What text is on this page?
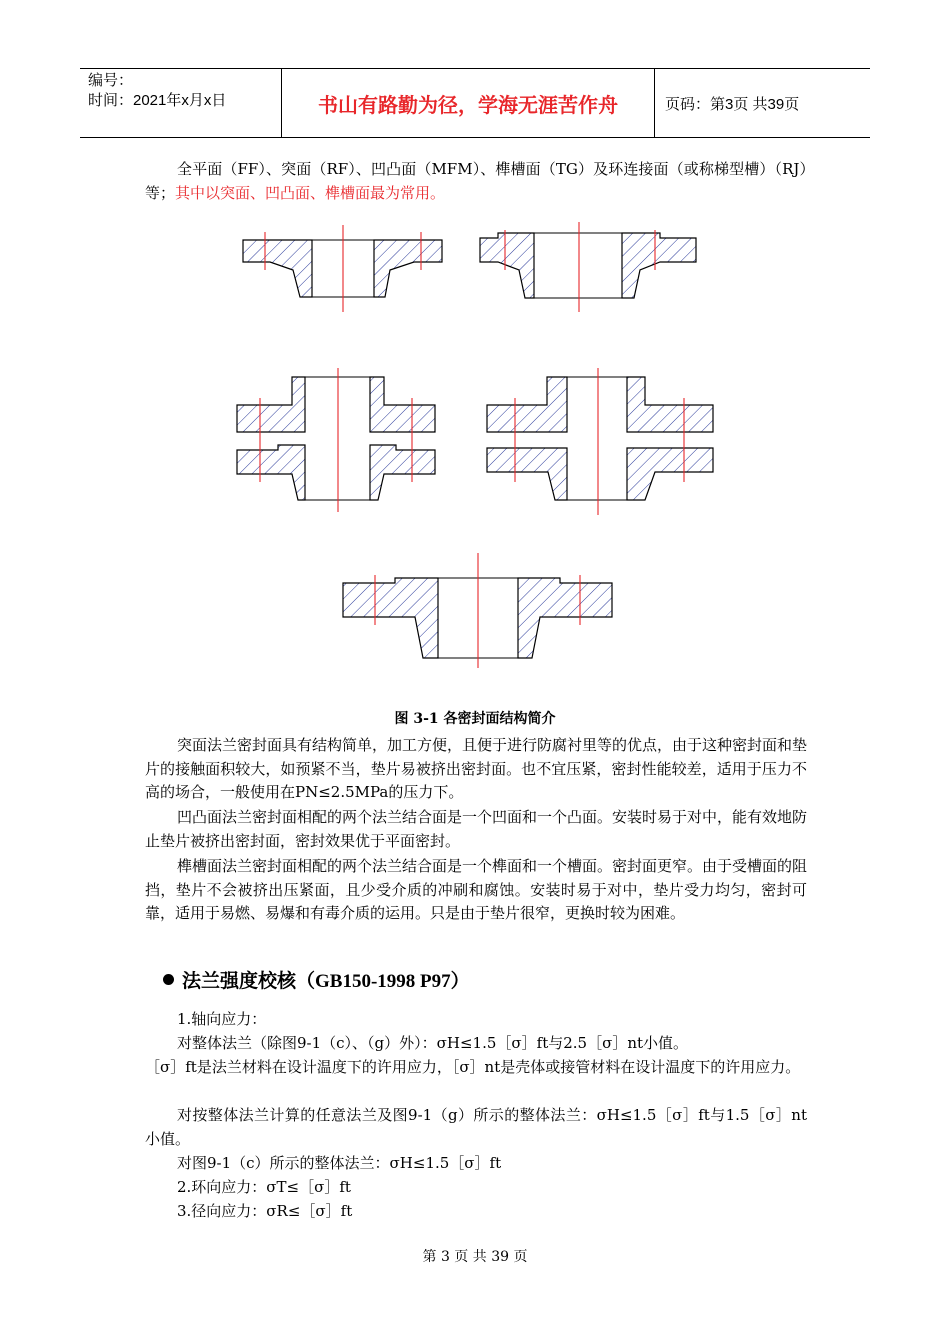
编号：
时间：2021年x月x日	书山有路勤为径，学海无涯苦作舟	页码：第3页 共39页
全平面（FF）、突面（RF）、凹凸面（MFM）、榫槽面（TG）及环连接面（或称梯型槽）（RJ）等；其中以突面、凹凸面、榫槽面最为常用。
图 3-1 各密封面结构简介
突面法兰密封面具有结构简单，加工方便，且便于进行防腐衬里等的优点，由于这种密封面和垫片的接触面积较大，如预紧不当，垫片易被挤出密封面。也不宜压紧，密封性能较差，适用于压力不高的场合，一般使用在PN≤2.5MPa的压力下。
凹凸面法兰密封面相配的两个法兰结合面是一个凹面和一个凸面。安装时易于对中，能有效地防止垫片被挤出密封面，密封效果优于平面密封。
榫槽面法兰密封面相配的两个法兰结合面是一个榫面和一个槽面。密封面更窄。由于受槽面的阻挡，垫片不会被挤出压紧面，且少受介质的冲刷和腐蚀。安装时易于对中，垫片受力均匀，密封可靠，适用于易燃、易爆和有毒介质的运用。只是由于垫片很窄，更换时较为困难。
法兰强度校核（GB150-1998 P97）
1.轴向应力：
对整体法兰（除图9-1（c）、（g）外）：σH≤1.5［σ］ft与2.5［σ］nt小值。
［σ］ft是法兰材料在设计温度下的许用应力，［σ］nt是壳体或接管材料在设计温度下的许用应力。
对按整体法兰计算的任意法兰及图9-1（g）所示的整体法兰：σH≤1.5［σ］ft与1.5［σ］nt小值。
对图9-1（c）所示的整体法兰：σH≤1.5［σ］ft
2.环向应力：σT≤［σ］ft
3.径向应力：σR≤［σ］ft
第 3 页 共 39 页
